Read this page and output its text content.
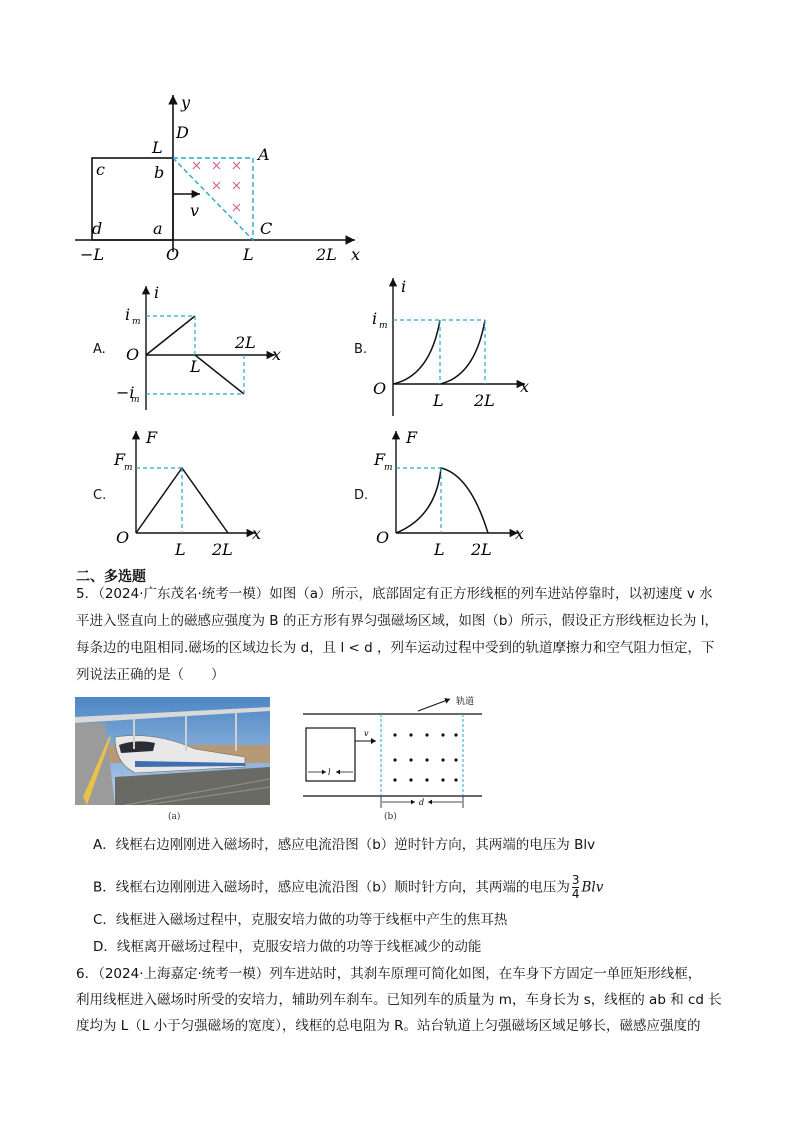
y
D
L	A
c	b
v
d	a	C
x
−L	O	L	2L
A.
i
i m
O	x
2L
L
−i
m
B.
i
i m
O	x
L 2L
C.
F
F
m
O	x
L 2L
D.
F
F
m
O	x
L 2L
二、多选题
5．（2024·广东茂名·统考一模）如图（a）所示，底部固定有正方形线框的列车进站停靠时，以初速度 v 水
平进入竖直向上的磁感应强度为 B 的正方形有界匀强磁场区域，如图（b）所示，假设正方形线框边长为 l，
每条边的电阻相同.磁场的区域边长为 d，且 l < d ，列车运动过程中受到的轨道摩擦力和空气阻力恒定，下
列说法正确的是（　　）
(a)
轨道
v
l
d
(b)
A．线框右边刚刚进入磁场时，感应电流沿图（b）逆时针方向，其两端的电压为 Blv
B．线框右边刚刚进入磁场时，感应电流沿图（b）顺时针方向，其两端的电压为 $\frac{3}{4}$ Blv
C．线框进入磁场过程中，克服安培力做的功等于线框中产生的焦耳热
D．线框离开磁场过程中，克服安培力做的功等于线框减少的动能
6．（2024·上海嘉定·统考一模）列车进站时，其刹车原理可简化如图，在车身下方固定一单匝矩形线框，
利用线框进入磁场时所受的安培力，辅助列车刹车。已知列车的质量为 m，车身长为 s，线框的 ab 和 cd 长
度均为 L（L 小于匀强磁场的宽度），线框的总电阻为 R。站台轨道上匀强磁场区域足够长，磁感应强度的
